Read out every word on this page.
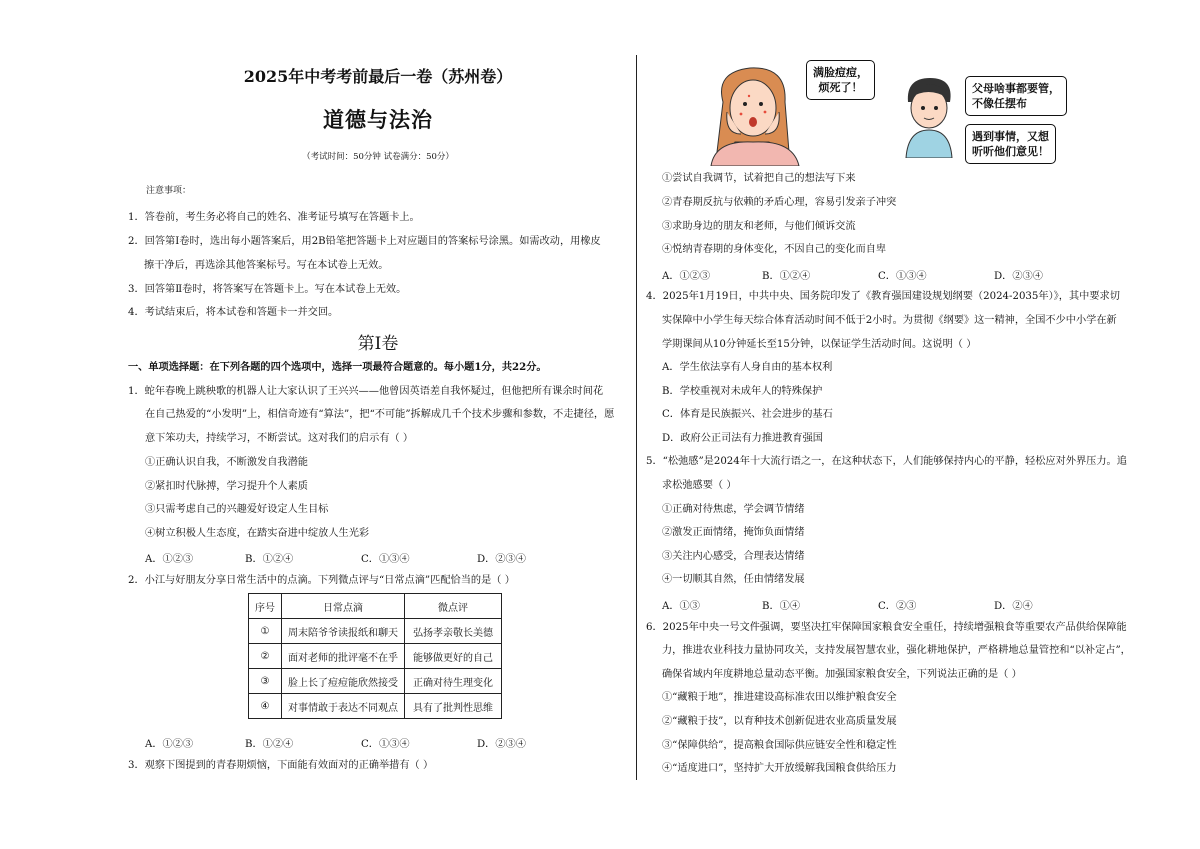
2025年中考考前最后一卷（苏州卷）
道德与法治
（考试时间：50分钟 试卷满分：50分）
注意事项：
1．答卷前，考生务必将自己的姓名、准考证号填写在答题卡上。
2．回答第Ⅰ卷时，选出每小题答案后，用2B铅笔把答题卡上对应题目的答案标号涂黑。如需改动，用橡皮
擦干净后，再选涂其他答案标号。写在本试卷上无效。
3．回答第Ⅱ卷时，将答案写在答题卡上。写在本试卷上无效。
4．考试结束后，将本试卷和答题卡一并交回。
第Ⅰ卷
一、单项选择题：在下列各题的四个选项中，选择一项最符合题意的。每小题1分，共22分。
1．蛇年春晚上跳秧歌的机器人让大家认识了王兴兴——他曾因英语差自我怀疑过，但他把所有课余时间花
在自己热爱的“小发明”上，相信奇迹有“算法”，把“不可能”拆解成几千个技术步骤和参数，不走捷径，愿
意下笨功夫，持续学习，不断尝试。这对我们的启示有（ ）
①正确认识自我，不断激发自我潜能
②紧扣时代脉搏，学习提升个人素质
③只需考虑自己的兴趣爱好设定人生目标
④树立积极人生态度，在踏实奋进中绽放人生光彩
A．①②③	B．①②④	C．①③④	D．②③④
2．小江与好朋友分享日常生活中的点滴。下列微点评与“日常点滴”匹配恰当的是（ ）
序号	日常点滴	微点评
①	周末陪爷爷读报纸和聊天	弘扬孝亲敬长美德
②	面对老师的批评毫不在乎	能够做更好的自己
③	脸上长了痘痘能欣然接受	正确对待生理变化
④	对事情敢于表达不同观点	具有了批判性思维
A．①②③	B．①②④	C．①③④	D．②③④
3．观察下图提到的青春期烦恼，下面能有效面对的正确举措有（ ）
满脸痘痘，
烦死了！	父母啥事都要管，
不像任摆布
遇到事情，又想
听听他们意见！
①尝试自我调节，试着把自己的想法写下来
②青春期反抗与依赖的矛盾心理，容易引发亲子冲突
③求助身边的朋友和老师，与他们倾诉交流
④悦纳青春期的身体变化，不因自己的变化而自卑
A．①②③	B．①②④	C．①③④	D．②③④
4．2025年1月19日，中共中央、国务院印发了《教育强国建设规划纲要（2024-2035年）》，其中要求切
实保障中小学生每天综合体育活动时间不低于2小时。为贯彻《纲要》这一精神，全国不少中小学在新
学期课间从10分钟延长至15分钟，以保证学生活动时间。这说明（ ）
A．学生依法享有人身自由的基本权利
B．学校重视对未成年人的特殊保护
C．体育是民族振兴、社会进步的基石
D．政府公正司法有力推进教育强国
5．“松弛感”是2024年十大流行语之一，在这种状态下，人们能够保持内心的平静，轻松应对外界压力。追
求松弛感要（ ）
①正确对待焦虑，学会调节情绪
②激发正面情绪，掩饰负面情绪
③关注内心感受，合理表达情绪
④一切顺其自然，任由情绪发展
A．①③	B．①④	C．②③	D．②④
6．2025年中央一号文件强调，要坚决扛牢保障国家粮食安全重任，持续增强粮食等重要农产品供给保障能
力，推进农业科技力量协同攻关，支持发展智慧农业，强化耕地保护，严格耕地总量管控和“以补定占”，
确保省域内年度耕地总量动态平衡。加强国家粮食安全，下列说法正确的是（ ）
①“藏粮于地”，推进建设高标准农田以维护粮食安全
②“藏粮于技”，以育种技术创新促进农业高质量发展
③“保障供给”，提高粮食国际供应链安全性和稳定性
④“适度进口”，坚持扩大开放缓解我国粮食供给压力
